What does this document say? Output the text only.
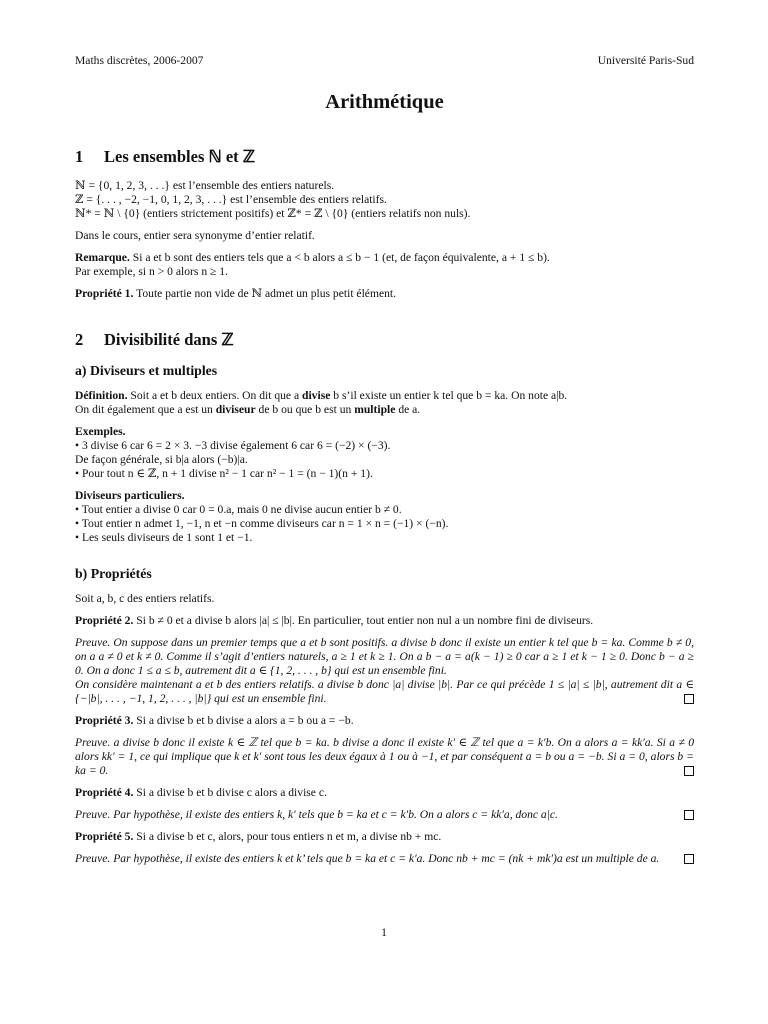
Maths discrètes, 2006-2007	Université Paris-Sud
Arithmétique
1 Les ensembles ℕ et ℤ

ℕ = {0, 1, 2, 3, . . .} est l’ensemble des entiers naturels.

ℤ = {. . . , −2, −1, 0, 1, 2, 3, . . .} est l’ensemble des entiers relatifs.

ℕ* = ℕ \ {0} (entiers strictement positifs) et ℤ* = ℤ \ {0} (entiers relatifs non nuls).

Dans le cours, entier sera synonyme d’entier relatif.

Remarque. Si a et b sont des entiers tels que a < b alors a ≤ b − 1 (et, de façon équivalente, a + 1 ≤ b).

Par exemple, si n > 0 alors n ≥ 1.

Propriété 1. Toute partie non vide de ℕ admet un plus petit élément.

2 Divisibilité dans ℤ
a) Diviseurs et multiples

Définition. Soit a et b deux entiers. On dit que a divise b s’il existe un entier k tel que b = ka. On note a|b.

On dit également que a est un diviseur de b ou que b est un multiple de a.

Exemples.

• 3 divise 6 car 6 = 2 × 3. −3 divise également 6 car 6 = (−2) × (−3).

De façon générale, si b|a alors (−b)|a.

• Pour tout n ∈ ℤ, n + 1 divise n² − 1 car n² − 1 = (n − 1)(n + 1).

Diviseurs particuliers.

• Tout entier a divise 0 car 0 = 0.a, mais 0 ne divise aucun entier b ≠ 0.

• Tout entier n admet 1, −1, n et −n comme diviseurs car n = 1 × n = (−1) × (−n).

• Les seuls diviseurs de 1 sont 1 et −1.

b) Propriétés

Soit a, b, c des entiers relatifs.

Propriété 2. Si b ≠ 0 et a divise b alors |a| ≤ |b|. En particulier, tout entier non nul a un nombre fini de diviseurs.

Preuve. On suppose dans un premier temps que a et b sont positifs. a divise b donc il existe un entier k tel que b = ka. Comme b ≠ 0, on a a ≠ 0 et k ≠ 0. Comme il s’agit d’entiers naturels, a ≥ 1 et k ≥ 1. On a b − a = a(k − 1) ≥ 0 car a ≥ 1 et k − 1 ≥ 0. Donc b − a ≥ 0. On a donc 1 ≤ a ≤ b, autrement dit a ∈ {1, 2, . . . , b} qui est un ensemble fini.

On considère maintenant a et b des entiers relatifs. a divise b donc |a| divise |b|. Par ce qui précède 1 ≤ |a| ≤ |b|, autrement dit a ∈ {−|b|, . . . , −1, 1, 2, . . . , |b|} qui est un ensemble fini.

Propriété 3. Si a divise b et b divise a alors a = b ou a = −b.

Preuve. a divise b donc il existe k ∈ ℤ tel que b = ka. b divise a donc il existe k′ ∈ ℤ tel que a = k′b. On a alors a = kk′a. Si a ≠ 0 alors kk′ = 1, ce qui implique que k et k′ sont tous les deux égaux à 1 ou à −1, et par conséquent a = b ou a = −b. Si a = 0, alors b = ka = 0.

Propriété 4. Si a divise b et b divise c alors a divise c.

Preuve. Par hypothèse, il existe des entiers k, k′ tels que b = ka et c = k′b. On a alors c = kk′a, donc a|c.

Propriété 5. Si a divise b et c, alors, pour tous entiers n et m, a divise nb + mc.

Preuve. Par hypothèse, il existe des entiers k et k’ tels que b = ka et c = k′a. Donc nb + mc = (nk + mk′)a est un multiple de a.

1
